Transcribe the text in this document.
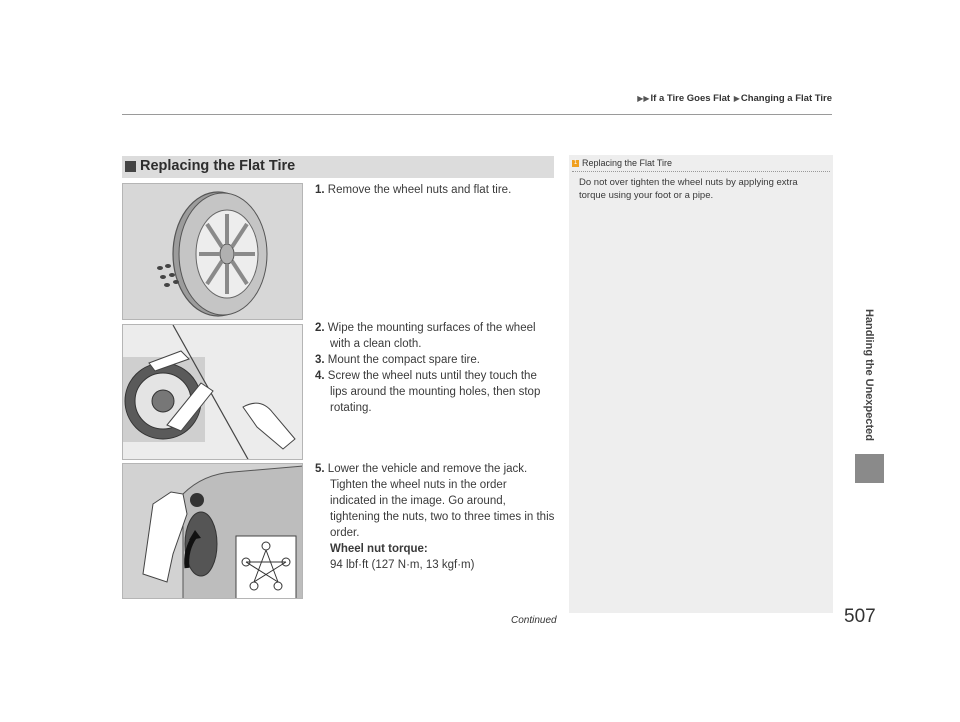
▶▶If a Tire Goes Flat ▶Changing a Flat Tire
Handling the Unexpected
Replacing the Flat Tire
1. Remove the wheel nuts and flat tire.
2. Wipe the mounting surfaces of the wheel with a clean cloth.
3. Mount the compact spare tire.
4. Screw the wheel nuts until they touch the lips around the mounting holes, then stop rotating.
5. Lower the vehicle and remove the jack. Tighten the wheel nuts in the order indicated in the image. Go around, tightening the nuts, two to three times in this order.
Wheel nut torque:
94 lbf·ft (127 N·m, 13 kgf·m)
1 Replacing the Flat Tire
Do not over tighten the wheel nuts by applying extra torque using your foot or a pipe.
Continued	507
